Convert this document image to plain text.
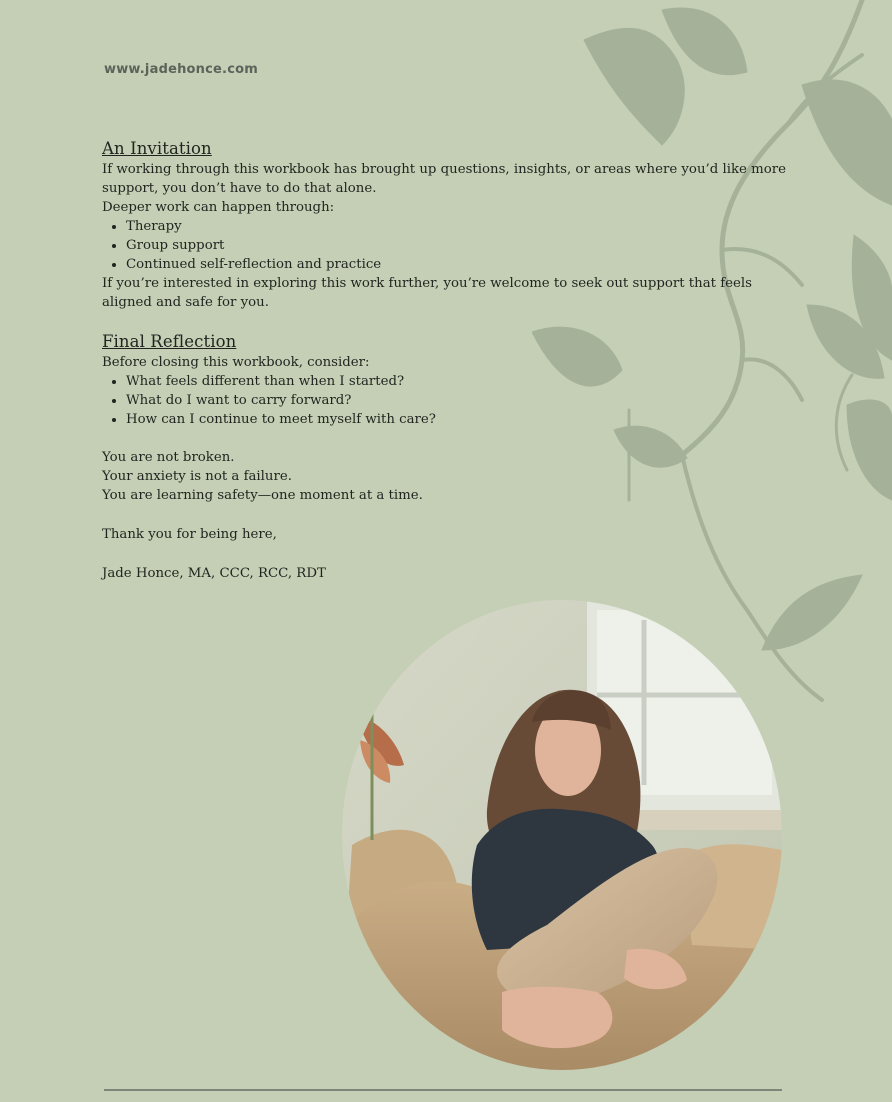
www.jadehonce.com
An Invitation

If working through this workbook has brought up questions, insights, or areas where you’d like more support, you don’t have to do that alone.

Deeper work can happen through:

• Therapy
• Group support
• Continued self-reflection and practice

If you’re interested in exploring this work further, you’re welcome to seek out support that feels aligned and safe for you.

Final Reflection

Before closing this workbook, consider:

• What feels different than when I started?
• What do I want to carry forward?
• How can I continue to meet myself with care?

You are not broken.

Your anxiety is not a failure.

You are learning safety—one moment at a time.

Thank you for being here,

Jade Honce, MA, CCC, RCC, RDT
